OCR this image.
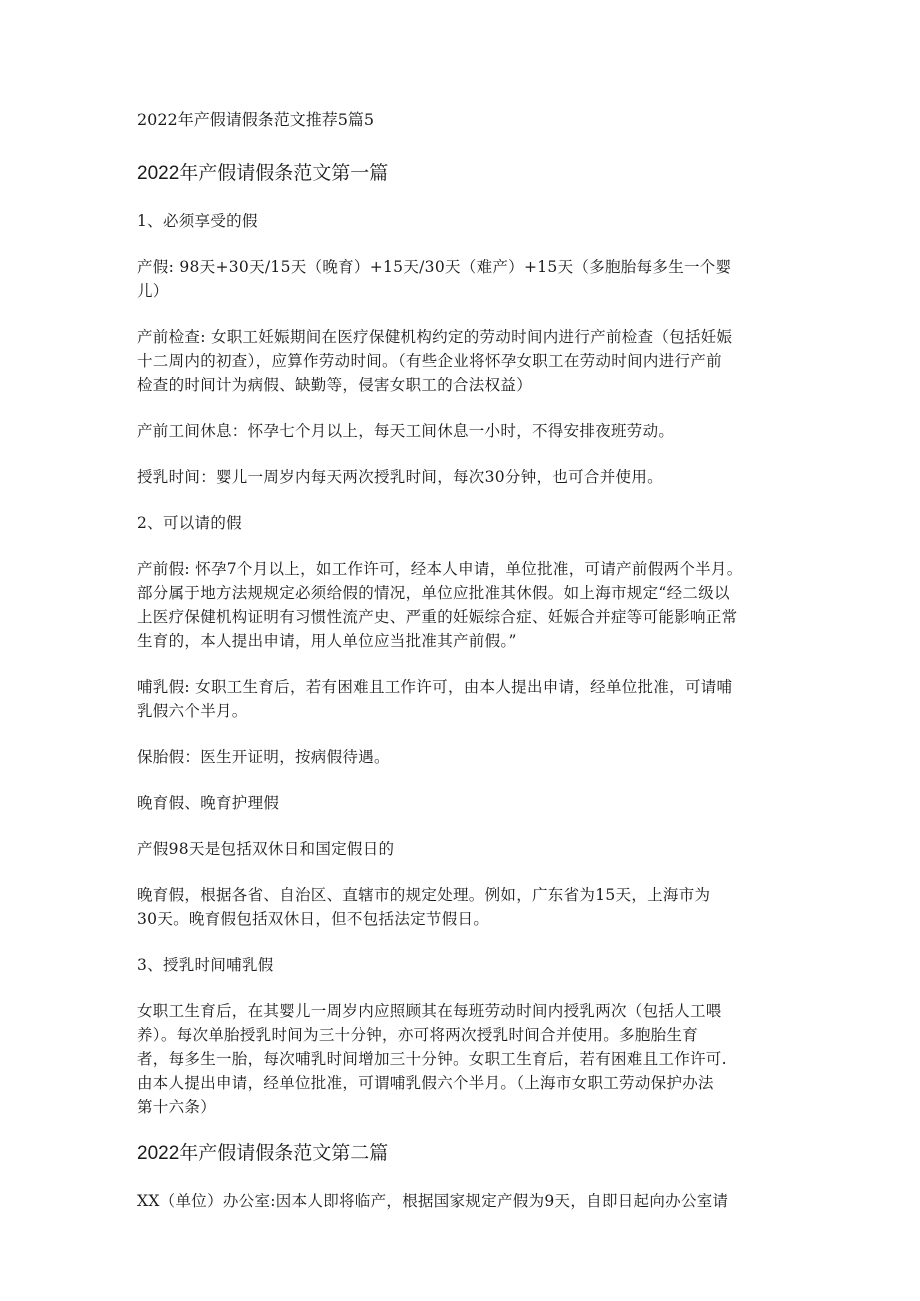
2022年产假请假条范文推荐5篇5
2022年产假请假条范文第一篇
1、必须享受的假
产假: 98天+30天/15天（晚育）+15天/30天（难产）+15天（多胞胎每多生一个婴
儿）
产前检查: 女职工妊娠期间在医疗保健机构约定的劳动时间内进行产前检查（包括妊娠
十二周内的初查），应算作劳动时间。（有些企业将怀孕女职工在劳动时间内进行产前
检查的时间计为病假、缺勤等，侵害女职工的合法权益）
产前工间休息：怀孕七个月以上，每天工间休息一小时，不得安排夜班劳动。
授乳时间：婴儿一周岁内每天两次授乳时间，每次30分钟，也可合并使用。
2、可以请的假
产前假: 怀孕7个月以上，如工作许可，经本人申请，单位批准，可请产前假两个半月。
部分属于地方法规规定必须给假的情况，单位应批准其休假。如上海市规定“经二级以
上医疗保健机构证明有习惯性流产史、严重的妊娠综合症、妊娠合并症等可能影响正常
生育的，本人提出申请，用人单位应当批准其产前假。”
哺乳假: 女职工生育后，若有困难且工作许可，由本人提出申请，经单位批准，可请哺
乳假六个半月。
保胎假：医生开证明，按病假待遇。
晚育假、晚育护理假
产假98天是包括双休日和国定假日的
晚育假，根据各省、自治区、直辖市的规定处理。例如，广东省为15天，上海市为
30天。晚育假包括双休日，但不包括法定节假日。
3、授乳时间哺乳假
女职工生育后，在其婴儿一周岁内应照顾其在每班劳动时间内授乳两次（包括人工喂
养）。每次单胎授乳时间为三十分钟，亦可将两次授乳时间合并使用。多胞胎生育
者，每多生一胎，每次哺乳时间增加三十分钟。女职工生育后，若有困难且工作许可.
由本人提出申请，经单位批准，可谓哺乳假六个半月。（上海市女职工劳动保护办法
第十六条）
2022年产假请假条范文第二篇
XX（单位）办公室:因本人即将临产，根据国家规定产假为9天，自即日起向办公室请
